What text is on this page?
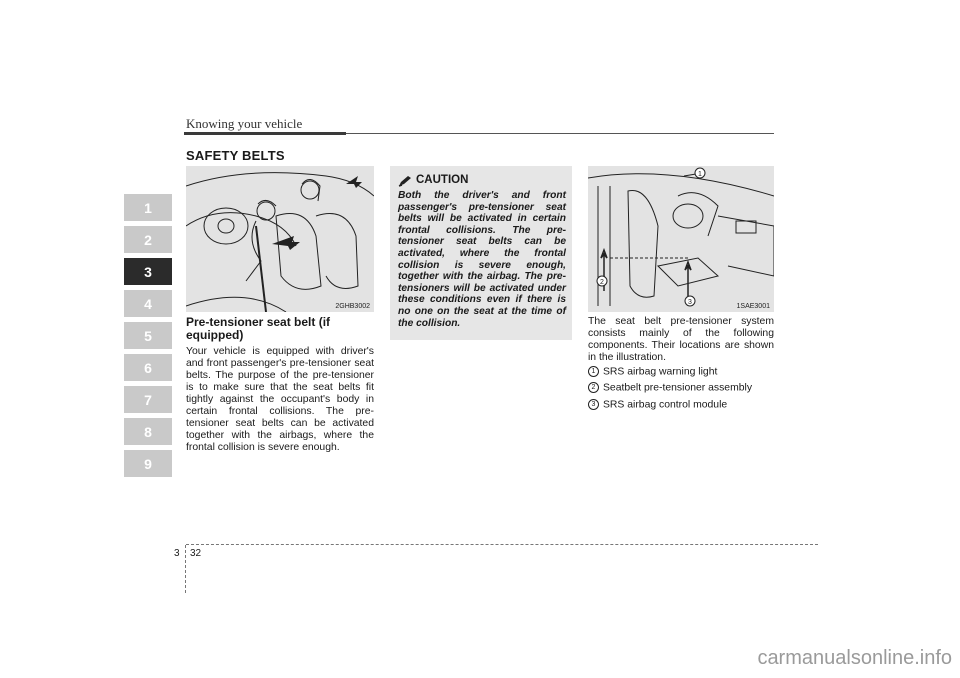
Knowing your vehicle
SAFETY BELTS
1
2
3
4
5
6
7
8
9
2GHB3002
Pre-tensioner seat belt (if equipped)
Your vehicle is equipped with driver's and front passenger's pre-tensioner seat belts. The purpose of the pre-tensioner is to make sure that the seat belts fit tightly against the occupant's body in certain frontal collisions. The pre-tensioner seat belts can be activated together with the airbags, where the frontal collision is severe enough.
CAUTION
Both the driver's and front passenger's pre-tensioner seat belts will be activated in certain frontal collisions. The pre-tensioner seat belts can be activated, where the frontal collision is severe enough, together with the airbag. The pre-tensioners will be activated under these conditions even if there is no one on the seat at the time of the collision.
1
2
3
1SAE3001
The seat belt pre-tensioner system consists mainly of the following components. Their locations are shown in the illustration.
1 SRS airbag warning light
2 Seatbelt pre-tensioner assembly
3 SRS airbag control module
3 32
carmanualsonline.info
